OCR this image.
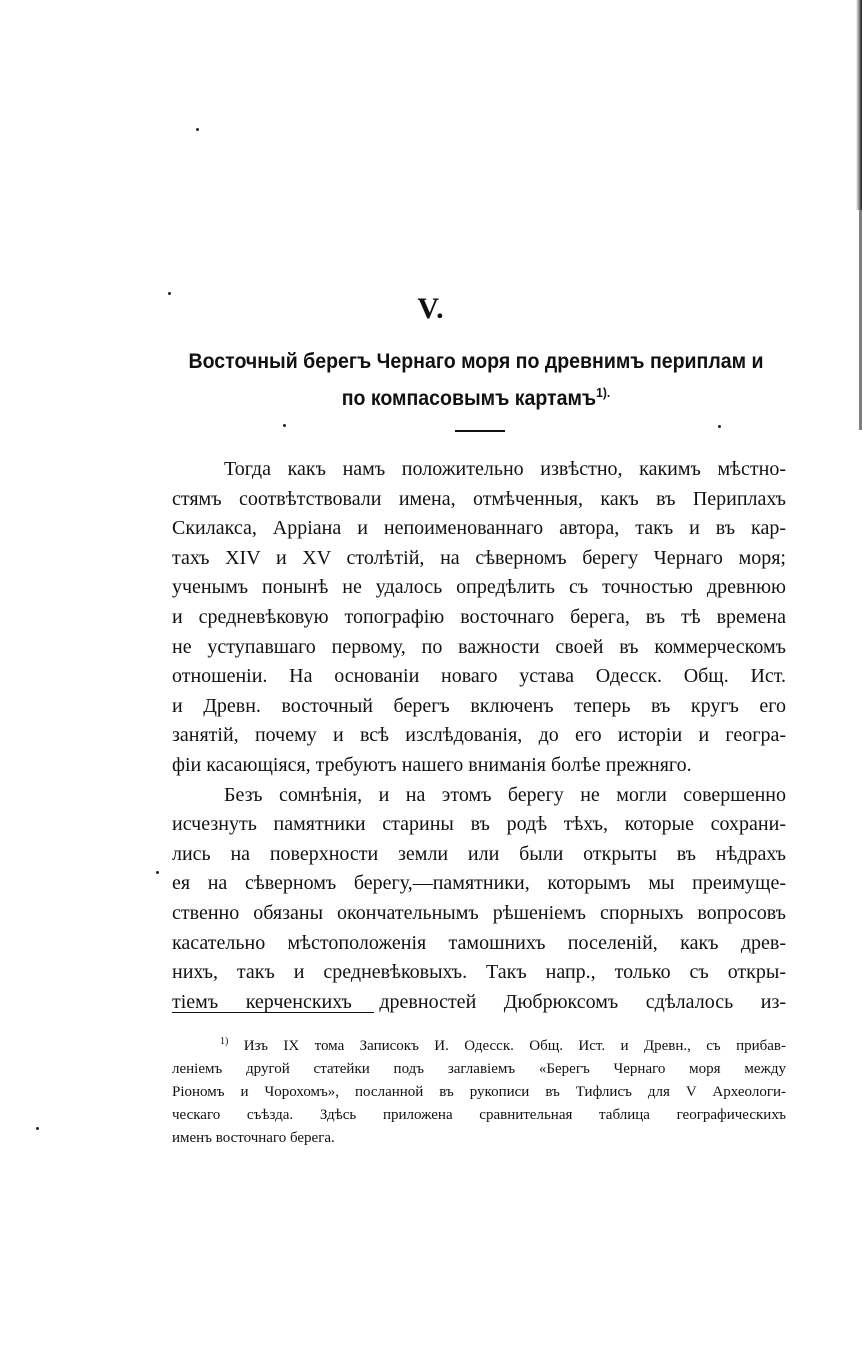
V.
Восточный берегъ Чернаго моря по древнимъ периплам и
по компасовымъ картамъ$^{1).}$
Тогда какъ намъ положительно извѣстно, какимъ мѣстно-
стямъ соотвѣтствовали имена, отмѣченныя, какъ въ Периплахъ
Скилакса, Арріана и непоименованнаго автора, такъ и въ кар-
тахъ XIV и XV столѣтій, на сѣверномъ берегу Чернаго моря;
ученымъ понынѣ не удалось опредѣлить съ точностью древнюю
и средневѣковую топографію восточнаго берега, въ тѣ времена
не уступавшаго первому, по важности своей въ коммерческомъ
отношеніи. На основаніи новаго устава Одесск. Общ. Ист.
и Древн. восточный берегъ включенъ теперь въ кругъ его
занятій, почему и всѣ изслѣдованія, до его исторіи и геогра-
фіи касающіяся, требуютъ нашего вниманія болѣе прежняго.
Безъ сомнѣнія, и на этомъ берегу не могли совершенно
исчезнуть памятники старины въ родѣ тѣхъ, которые сохрани-
лись на поверхности земли или были открыты въ нѣдрахъ
ея на сѣверномъ берегу,—памятники, которымъ мы преимуще-
ственно обязаны окончательнымъ рѣшеніемъ спорныхъ вопросовъ
касательно мѣстоположенія тамошнихъ поселеній, какъ древ-
нихъ, такъ и средневѣковыхъ. Такъ напр., только съ откры-
тіемъ керченскихъ древностей Дюбрюксомъ сдѣлалось из-
$^{1)}$ Изъ IX тома Записокъ И. Одесск. Общ. Ист. и Древн., съ прибав-
леніемъ другой статейки подъ заглавіемъ «Берегъ Чернаго моря между
Ріономъ и Чорохомъ», посланной въ рукописи въ Тифлисъ для V Археологи-
ческаго съѣзда. Здѣсь приложена сравнительная таблица географическихъ
именъ восточнаго берега.
